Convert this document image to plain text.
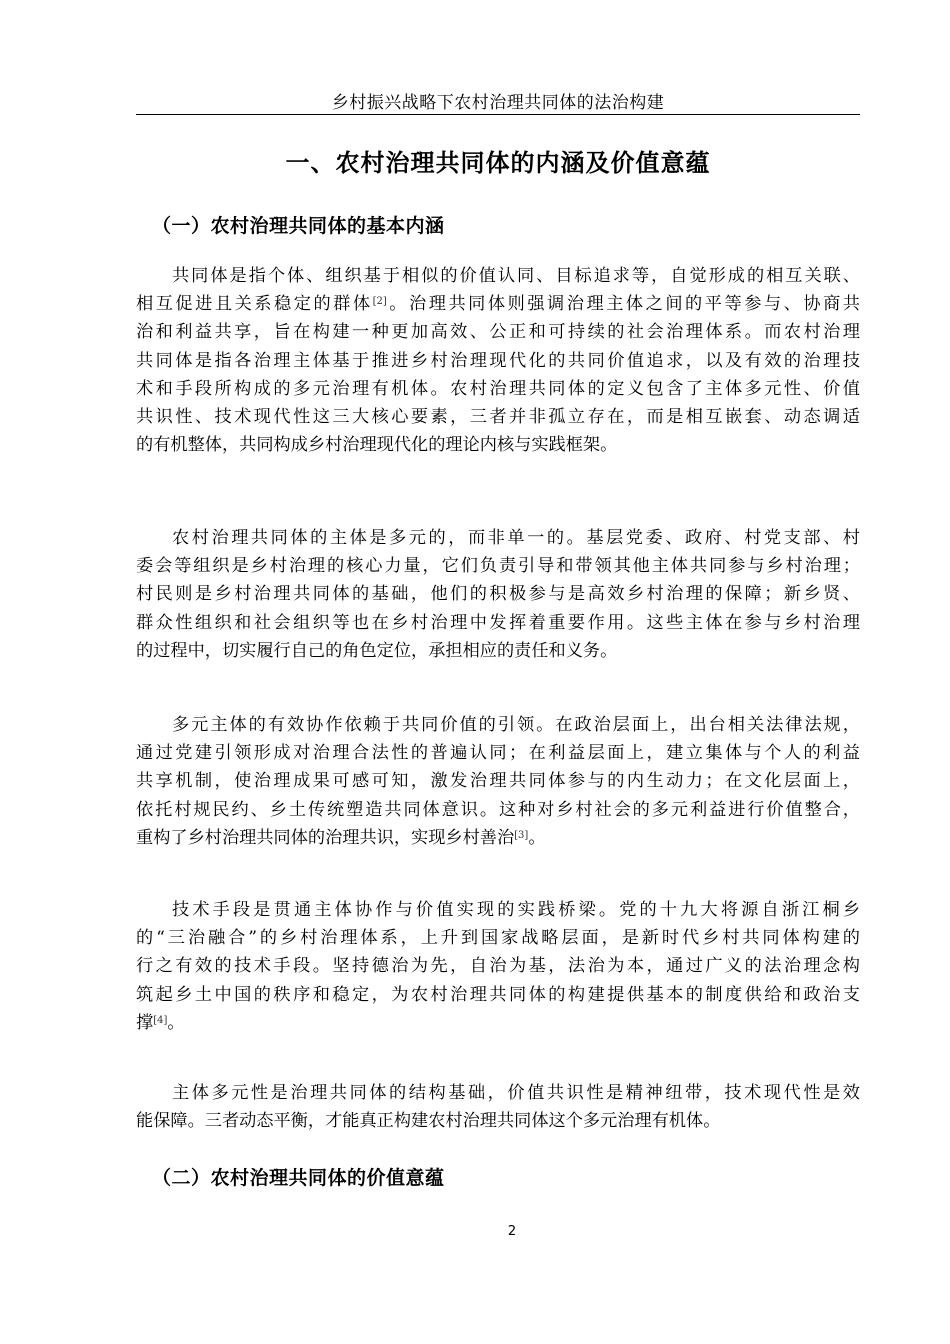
乡村振兴战略下农村治理共同体的法治构建
一、农村治理共同体的内涵及价值意蕴
（一）农村治理共同体的基本内涵
共同体是指个体、组织基于相似的价值认同、目标追求等，自觉形成的相互关联、
相互促进且关系稳定的群体[2]。治理共同体则强调治理主体之间的平等参与、协商共
治和利益共享，旨在构建一种更加高效、公正和可持续的社会治理体系。而农村治理
共同体是指各治理主体基于推进乡村治理现代化的共同价值追求，以及有效的治理技
术和手段所构成的多元治理有机体。农村治理共同体的定义包含了主体多元性、价值
共识性、技术现代性这三大核心要素，三者并非孤立存在，而是相互嵌套、动态调适
的有机整体，共同构成乡村治理现代化的理论内核与实践框架。
农村治理共同体的主体是多元的，而非单一的。基层党委、政府、村党支部、村
委会等组织是乡村治理的核心力量，它们负责引导和带领其他主体共同参与乡村治理；
村民则是乡村治理共同体的基础，他们的积极参与是高效乡村治理的保障；新乡贤、
群众性组织和社会组织等也在乡村治理中发挥着重要作用。这些主体在参与乡村治理
的过程中，切实履行自己的角色定位，承担相应的责任和义务。
多元主体的有效协作依赖于共同价值的引领。在政治层面上，出台相关法律法规，
通过党建引领形成对治理合法性的普遍认同；在利益层面上，建立集体与个人的利益
共享机制，使治理成果可感可知，激发治理共同体参与的内生动力；在文化层面上，
依托村规民约、乡土传统塑造共同体意识。这种对乡村社会的多元利益进行价值整合，
重构了乡村治理共同体的治理共识，实现乡村善治[3]。
技术手段是贯通主体协作与价值实现的实践桥梁。党的十九大将源自浙江桐乡
的“三治融合”的乡村治理体系，上升到国家战略层面，是新时代乡村共同体构建的
行之有效的技术手段。坚持德治为先，自治为基，法治为本，通过广义的法治理念构
筑起乡土中国的秩序和稳定，为农村治理共同体的构建提供基本的制度供给和政治支
撑[4]。
主体多元性是治理共同体的结构基础，价值共识性是精神纽带，技术现代性是效
能保障。三者动态平衡，才能真正构建农村治理共同体这个多元治理有机体。
（二）农村治理共同体的价值意蕴
2
